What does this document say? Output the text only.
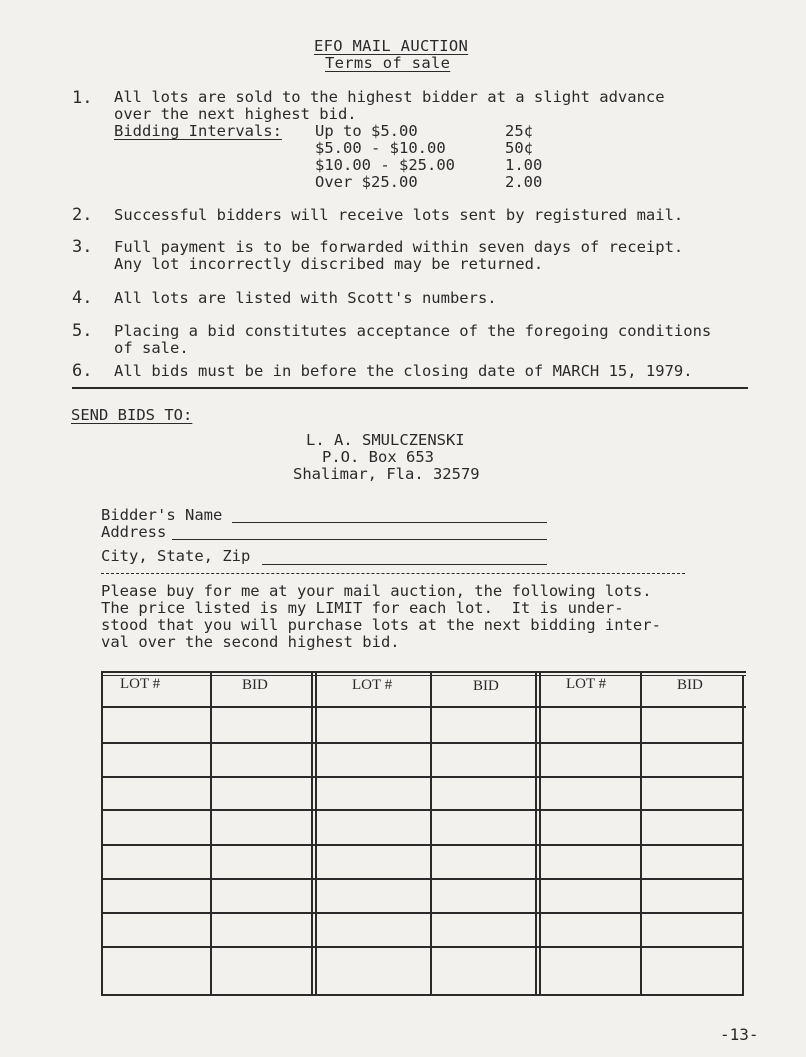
EFO MAIL AUCTION
Terms of sale
1. All lots are sold to the highest bidder at a slight advance
over the next highest bid.
Bidding Intervals: Up to $5.00	25¢
$5.00 - $10.00	50¢
$10.00 - $25.00	1.00
Over $25.00	2.00
2. Successful bidders will receive lots sent by registured mail.
3. Full payment is to be forwarded within seven days of receipt.
Any lot incorrectly discribed may be returned.
4. All lots are listed with Scott's numbers.
5. Placing a bid constitutes acceptance of the foregoing conditions
of sale.
6. All bids must be in before the closing date of MARCH 15, 1979.
SEND BIDS TO:
L. A. SMULCZENSKI
P.O. Box 653
Shalimar, Fla. 32579
Bidder's Name
Address
City, State, Zip
Please buy for me at your mail auction, the following lots.
The price listed is my LIMIT for each lot.  It is under-
stood that you will purchase lots at the next bidding inter-
val over the second highest bid.
LOT #	BID	LOT #	BID	LOT #	BID
-13-
